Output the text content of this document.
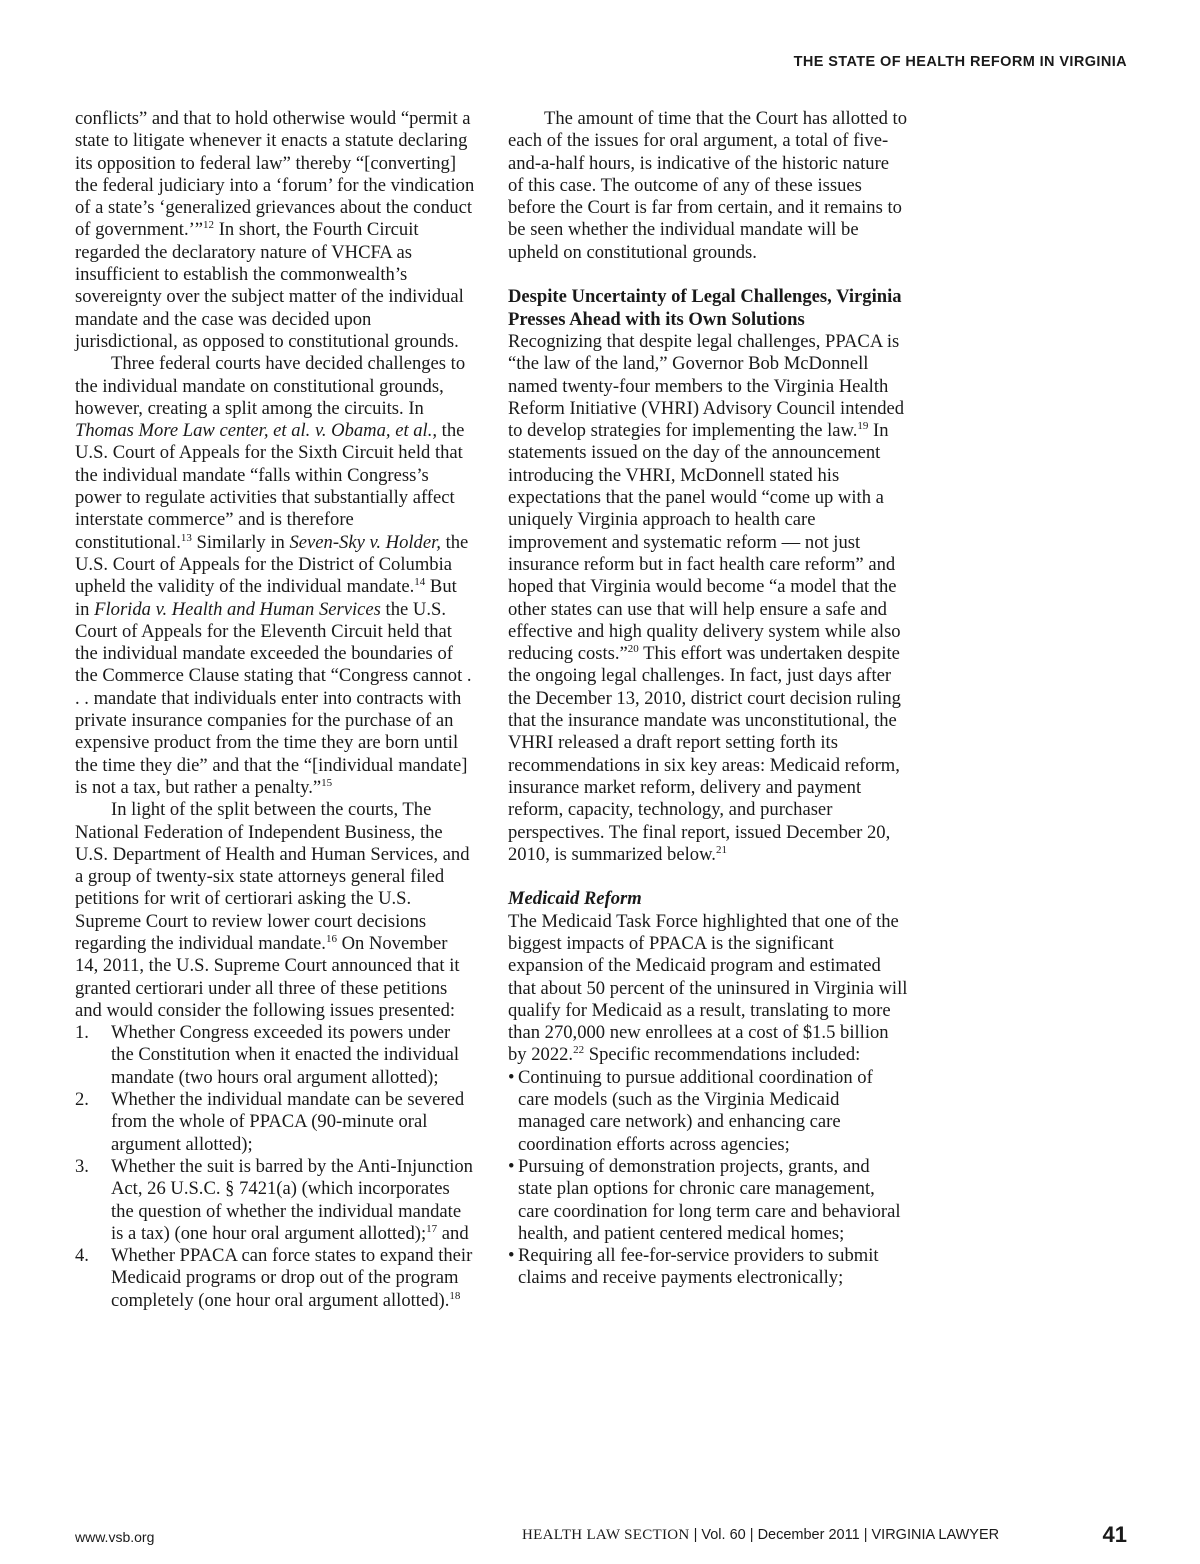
THE STATE OF HEALTH REFORM IN VIRGINIA

conflicts” and that to hold otherwise would “permit a state to litigate whenever it enacts a statute declaring its opposition to federal law” thereby “[converting] the federal judiciary into a ‘forum’ for the vindication of a state’s ‘generalized grievances about the conduct of government.’”$^{12}$ In short, the Fourth Circuit regarded the declaratory nature of VHCFA as insufficient to establish the commonwealth’s sovereignty over the subject matter of the individual mandate and the case was decided upon jurisdictional, as opposed to constitutional grounds.

Three federal courts have decided challenges to the individual mandate on constitutional grounds, however, creating a split among the circuits. In Thomas More Law center, et al. v. Obama, et al., the U.S. Court of Appeals for the Sixth Circuit held that the individual mandate “falls within Congress’s power to regulate activities that substantially affect interstate commerce” and is therefore constitutional.$^{13}$ Similarly in Seven-Sky v. Holder, the U.S. Court of Appeals for the District of Columbia upheld the validity of the individual mandate.$^{14}$ But in Florida v. Health and Human Services the U.S. Court of Appeals for the Eleventh Circuit held that the individual mandate exceeded the boundaries of the Commerce Clause stating that “Congress cannot . . . mandate that individuals enter into contracts with private insurance companies for the purchase of an expensive product from the time they are born until the time they die” and that the “[individual mandate] is not a tax, but rather a penalty.”$^{15}$

In light of the split between the courts, The National Federation of Independent Business, the U.S. Department of Health and Human Services, and a group of twenty-six state attorneys general filed petitions for writ of certiorari asking the U.S. Supreme Court to review lower court decisions regarding the individual mandate.$^{16}$ On November 14, 2011, the U.S. Supreme Court announced that it granted certiorari under all three of these petitions and would consider the following issues presented:

1.	Whether Congress exceeded its powers under the Constitution when it enacted the individual mandate (two hours oral argument allotted);
2.	Whether the individual mandate can be severed from the whole of PPACA (90-minute oral argument allotted);
3.	Whether the suit is barred by the Anti-Injunction Act, 26 U.S.C. § 7421(a) (which incorporates the question of whether the individual mandate is a tax) (one hour oral argument allotted);$^{17}$ and
4.	Whether PPACA can force states to expand their Medicaid programs or drop out of the program completely (one hour oral argument allotted).$^{18}$

The amount of time that the Court has allotted to each of the issues for oral argument, a total of five-and-a-half hours, is indicative of the historic nature of this case. The outcome of any of these issues before the Court is far from certain, and it remains to be seen whether the individual mandate will be upheld on constitutional grounds.

Despite Uncertainty of Legal Challenges, Virginia Presses Ahead with its Own Solutions

Recognizing that despite legal challenges, PPACA is “the law of the land,” Governor Bob McDonnell named twenty-four members to the Virginia Health Reform Initiative (VHRI) Advisory Council intended to develop strategies for implementing the law.$^{19}$ In statements issued on the day of the announcement introducing the VHRI, McDonnell stated his expectations that the panel would “come up with a uniquely Virginia approach to health care improvement and systematic reform — not just insurance reform but in fact health care reform” and hoped that Virginia would become “a model that the other states can use that will help ensure a safe and effective and high quality delivery system while also reducing costs.”$^{20}$ This effort was undertaken despite the ongoing legal challenges. In fact, just days after the December 13, 2010, district court decision ruling that the insurance mandate was unconstitutional, the VHRI released a draft report setting forth its recommendations in six key areas: Medicaid reform, insurance market reform, delivery and payment reform, capacity, technology, and purchaser perspectives. The final report, issued December 20, 2010, is summarized below.$^{21}$

Medicaid Reform

The Medicaid Task Force highlighted that one of the biggest impacts of PPACA is the significant expansion of the Medicaid program and estimated that about 50 percent of the uninsured in Virginia will qualify for Medicaid as a result, translating to more than 270,000 new enrollees at a cost of $1.5 billion by 2022.22 Specific recommendations included:

• Continuing to pursue additional coordination of care models (such as the Virginia Medicaid managed care network) and enhancing care coordination efforts across agencies;
• Pursuing of demonstration projects, grants, and state plan options for chronic care management, care coordination for long term care and behavioral health, and patient centered medical homes;
• Requiring all fee-for-service providers to submit claims and receive payments electronically;
www.vsb.org	HEALTH LAW SECTION | Vol. 60 | December 2011 | VIRGINIA LAWYER	41
